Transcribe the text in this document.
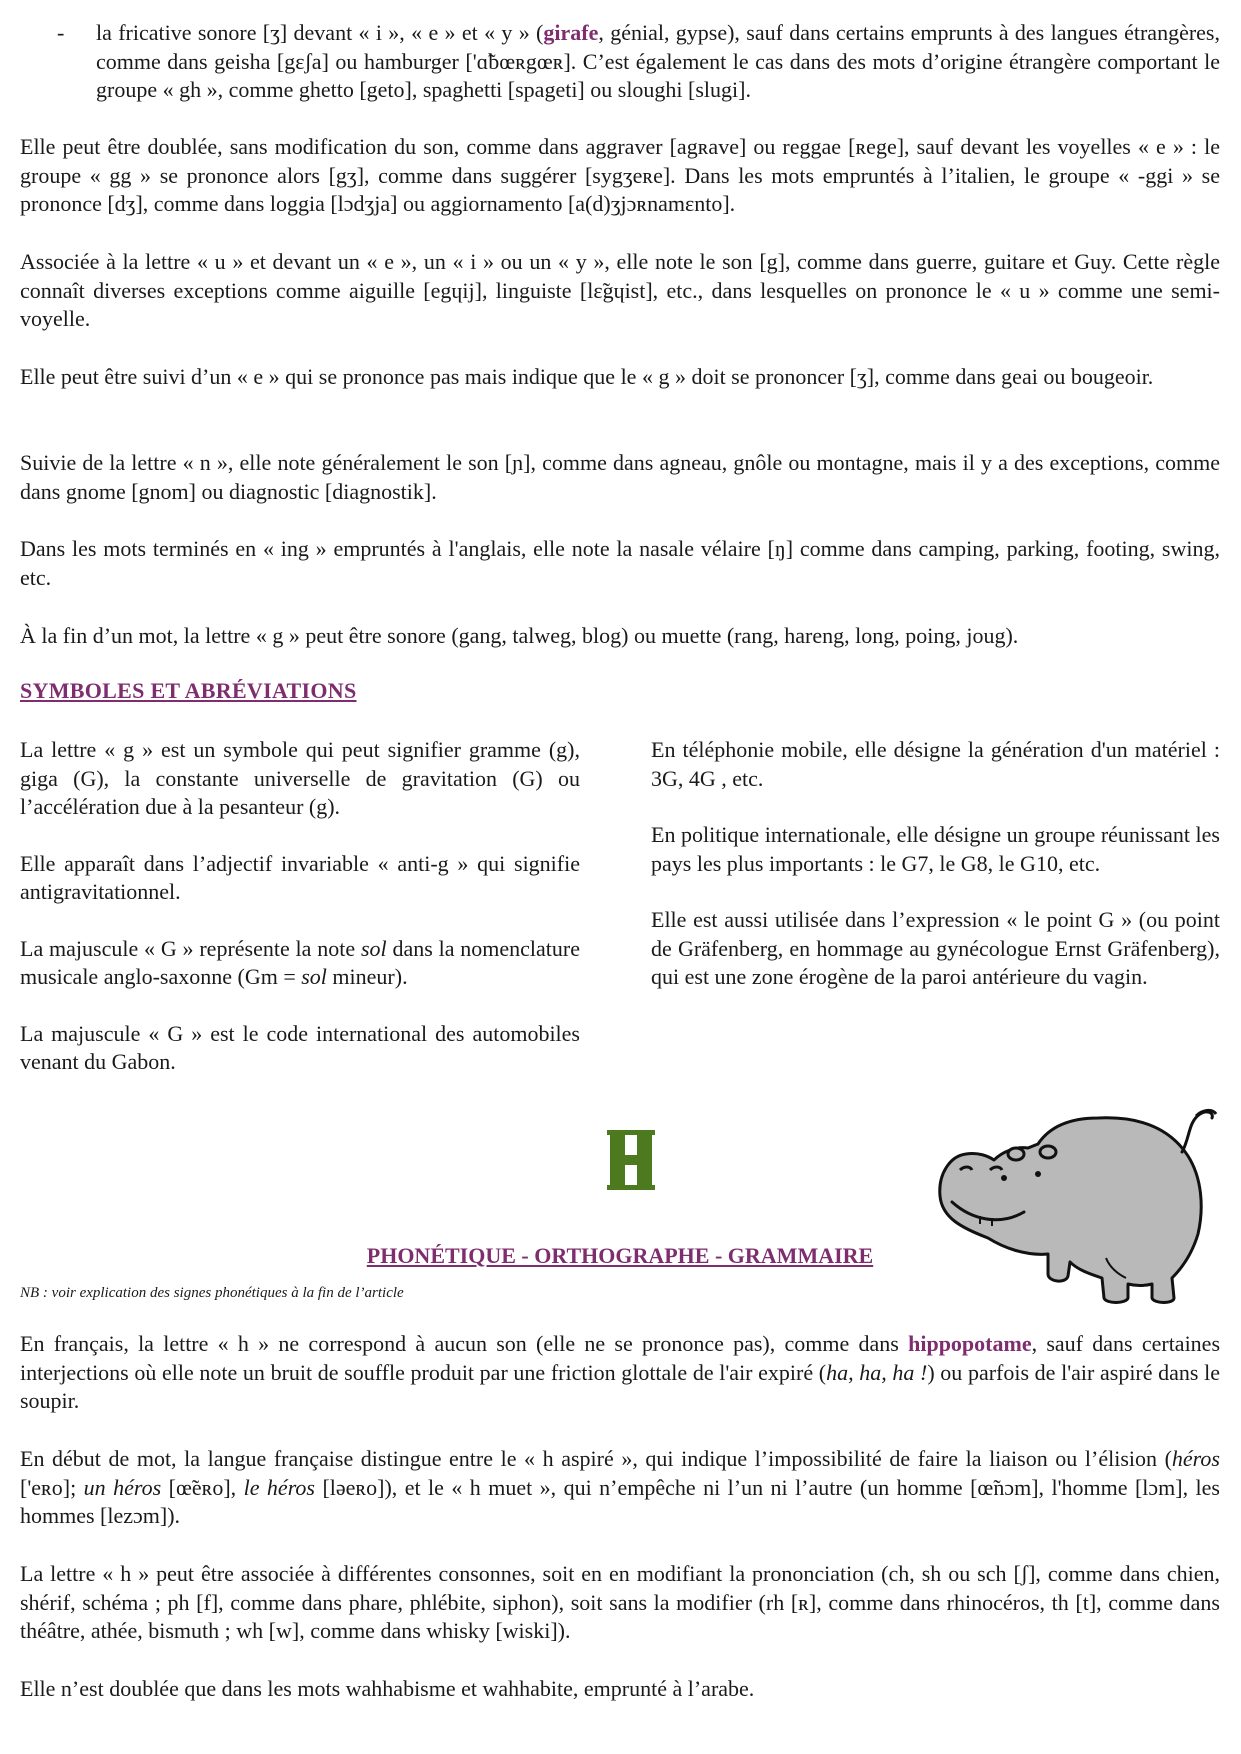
- la fricative sonore [ʒ] devant « i », « e » et « y » (girafe, génial, gypse), sauf dans certains emprunts à des langues étrangères, comme dans geisha [gɛʃa] ou hamburger ['ɑ̃bœʀgœʀ]. C’est également le cas dans des mots d’origine étrangère comportant le groupe « gh », comme ghetto [geto], spaghetti [spageti] ou sloughi [slugi].

Elle peut être doublée, sans modification du son, comme dans aggraver [agʀave] ou reggae [ʀege], sauf devant les voyelles « e » : le groupe « gg » se prononce alors [gʒ], comme dans suggérer [sygʒeʀe]. Dans les mots empruntés à l’italien, le groupe « -ggi » se prononce [dʒ], comme dans loggia [lɔdʒja] ou aggiornamento [a(d)ʒjɔʀnamɛnto].

Associée à la lettre « u » et devant un « e », un « i » ou un « y », elle note le son [g], comme dans guerre, guitare et Guy. Cette règle connaît diverses exceptions comme aiguille [egɥij], linguiste [lɛ̃gɥist], etc., dans lesquelles on prononce le « u » comme une semi-voyelle.

Elle peut être suivi d’un « e » qui se prononce pas mais indique que le « g » doit se prononcer [ʒ], comme dans geai ou bougeoir.

Suivie de la lettre « n », elle note généralement le son [ɲ], comme dans agneau, gnôle ou montagne, mais il y a des exceptions, comme dans gnome [gnom] ou diagnostic [diagnostik].

Dans les mots terminés en « ing » empruntés à l'anglais, elle note la nasale vélaire [ŋ] comme dans camping, parking, footing, swing, etc.

À la fin d’un mot, la lettre « g » peut être sonore (gang, talweg, blog) ou muette (rang, hareng, long, poing, joug).

SYMBOLES ET ABRÉVIATIONS

La lettre « g » est un symbole qui peut signifier gramme (g), giga (G), la constante universelle de gravitation (G) ou l’accélération due à la pesanteur (g).

Elle apparaît dans l’adjectif invariable « anti-g » qui signifie antigravitationnel.

La majuscule « G » représente la note sol dans la nomenclature musicale anglo-saxonne (Gm = sol mineur).

La majuscule « G » est le code international des automobiles venant du Gabon.

En téléphonie mobile, elle désigne la génération d'un matériel : 3G, 4G , etc.

En politique internationale, elle désigne un groupe réunissant les pays les plus importants : le G7, le G8, le G10, etc.

Elle est aussi utilisée dans l’expression « le point G » (ou point de Gräfenberg, en hommage au gynécologue Ernst Gräfenberg), qui est une zone érogène de la paroi antérieure du vagin.

PHONÉTIQUE - ORTHOGRAPHE - GRAMMAIRE

NB : voir explication des signes phonétiques à la fin de l’article

En français, la lettre « h » ne correspond à aucun son (elle ne se prononce pas), comme dans hippopotame, sauf dans certaines interjections où elle note un bruit de souffle produit par une friction glottale de l'air expiré (ha, ha, ha !) ou parfois de l'air aspiré dans le soupir.

En début de mot, la langue française distingue entre le « h aspiré », qui indique l’impossibilité de faire la liaison ou l’élision (héros ['eʀo]; un héros [œ̃eʀo], le héros [ləeʀo]), et le « h muet », qui n’empêche ni l’un ni l’autre (un homme [œ̃nɔm], l'homme [lɔm], les hommes [lezɔm]).

La lettre « h » peut être associée à différentes consonnes, soit en en modifiant la prononciation (ch, sh ou sch [ʃ], comme dans chien, shérif, schéma ; ph [f], comme dans phare, phlébite, siphon), soit sans la modifier (rh [ʀ], comme dans rhinocéros, th [t], comme dans théâtre, athée, bismuth ; wh [w], comme dans whisky [wiski]).

Elle n’est doublée que dans les mots wahhabisme et wahhabite, emprunté à l’arabe.
